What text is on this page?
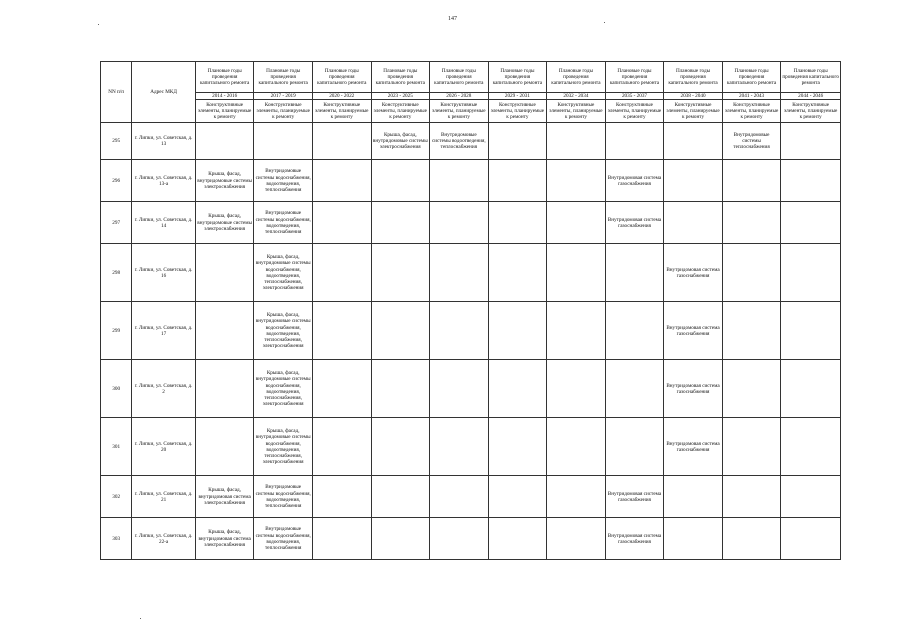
147
NN п/п	Адрес МКД	Плановые годы проведения капитального ремонта	Плановые годы проведения капитального ремонта	Плановые годы проведения капитального ремонта	Плановые годы проведения капитального ремонта	Плановые годы проведения капитального ремонта	Плановые годы проведения капитального ремонта	Плановые годы проведения капитального ремонта	Плановые годы проведения капитального ремонта	Плановые годы проведения капитального ремонта	Плановые годы проведения капитального ремонта	Плановые годы проведения капитального ремонта
		2014 - 2016	2017 - 2019	2020 - 2022	2023 - 2025	2026 - 2028	2029 - 2031	2032 - 2034	2035 - 2037	2038 - 2040	2041 - 2043	2044 - 2046
		Конструктивные элементы, планируемые к ремонту	Конструктивные элементы, планируемые к ремонту	Конструктивные элементы, планируемые к ремонту	Конструктивные элементы, планируемые к ремонту	Конструктивные элементы, планируемые к ремонту	Конструктивные элементы, планируемые к ремонту	Конструктивные элементы, планируемые к ремонту	Конструктивные элементы, планируемые к ремонту	Конструктивные элементы, планируемые к ремонту	Конструктивные элементы, планируемые к ремонту	Конструктивные элементы, планируемые к ремонту
295	г. Липки, ул. Советская, д. 13				Крыша, фасад, внутридомовые системы электроснабжения	Внутридомовые системы водоотведения, теплоснабжения					Внутридомовые системы теплоснабжения	
296	г. Липки, ул. Советская, д. 13-а	Крыша, фасад, внутридомовые системы электроснабжения	Внутридомовые системы водоснабжения, водоотведения, теплоснабжения						Внутридомовая система газоснабжения			
297	г. Липки, ул. Советская, д. 14	Крыша, фасад, внутридомовые системы электроснабжения	Внутридомовые системы водоснабжения, водоотведения, теплоснабжения						Внутридомовая система газоснабжения			
298	г. Липки, ул. Советская, д. 16		Крыша, фасад, внутридомовые системы водоснабжения, водоотведения, теплоснабжения, электроснабжения							Внутридомовая система газоснабжения		
299	г. Липки, ул. Советская, д. 17		Крыша, фасад, внутридомовые системы водоснабжения, водоотведения, теплоснабжения, электроснабжения							Внутридомовая система газоснабжения		
300	г. Липки, ул. Советская, д. 2		Крыша, фасад, внутридомовые системы водоснабжения, водоотведения, теплоснабжения, электроснабжения							Внутридомовая система газоснабжения		
301	г. Липки, ул. Советская, д. 20		Крыша, фасад, внутридомовые системы водоснабжения, водоотведения, теплоснабжения, электроснабжения							Внутридомовая система газоснабжения		
302	г. Липки, ул. Советская, д. 21	Крыша, фасад, внутридомовая система электроснабжения	Внутридомовые системы водоснабжения, водоотведения, теплоснабжения						Внутридомовая система газоснабжения			
303	г. Липки, ул. Советская, д. 22-а	Крыша, фасад, внутридомовая система электроснабжения	Внутридомовые системы водоснабжения, водоотведения, теплоснабжения						Внутридомовая система газоснабжения			
